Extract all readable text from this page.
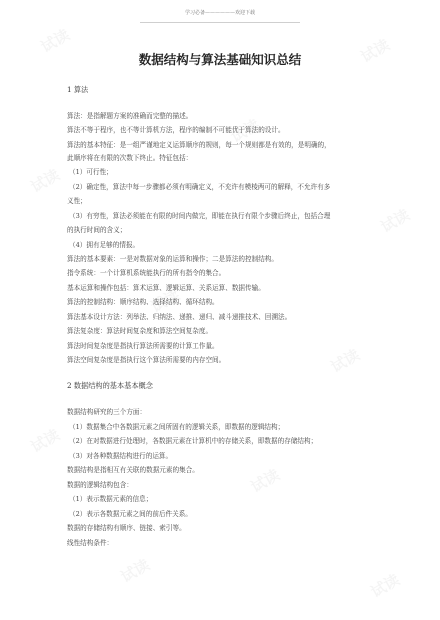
学习必备——————欢迎下载
数据结构与算法基础知识总结
1 算法
算法：是指解题方案的准确而完整的描述。
算法不等于程序，也不等计算机方法，程序的编制不可能优于算法的设计。
算法的基本特征：是一组严谨地定义运算顺序的规则，每一个规则都是有效的，是明确的，
此顺序将在有限的次数下终止。特征包括：
（1）可行性；
（2）确定性，算法中每一步骤都必须有明确定义，不充许有模棱两可的解释，不允许有多
义性；
（3）有穷性，算法必须能在有限的时间内做完，即能在执行有限个步骤后终止，包括合理
的执行时间的含义；
（4）拥有足够的情报。
算法的基本要素：一是对数据对象的运算和操作；二是算法的控制结构。
指令系统：一个计算机系统能执行的所有指令的集合。
基本运算和操作包括：算术运算、逻辑运算、关系运算、数据传输。
算法的控制结构：顺序结构、选择结构、循环结构。
算法基本设计方法：列举法、归纳法、递推、递归、减斗递推技术、回溯法。
算法复杂度：算法时间复杂度和算法空间复杂度。
算法时间复杂度是指执行算法所需要的计算工作量。
算法空间复杂度是指执行这个算法所需要的内存空间。
2 数据结构的基本基本概念
数据结构研究的三个方面：
（1）数据集合中各数据元素之间所固有的逻辑关系，即数据的逻辑结构；
（2）在对数据进行处理时，各数据元素在计算机中的存储关系，即数据的存储结构；
（3）对各种数据结构进行的运算。
数据结构是指相互有关联的数据元素的集合。
数据的逻辑结构包含：
（1）表示数据元素的信息；
（2）表示各数据元素之间的前后件关系。
数据的存储结构有顺序、链接、索引等。
线性结构条件：
